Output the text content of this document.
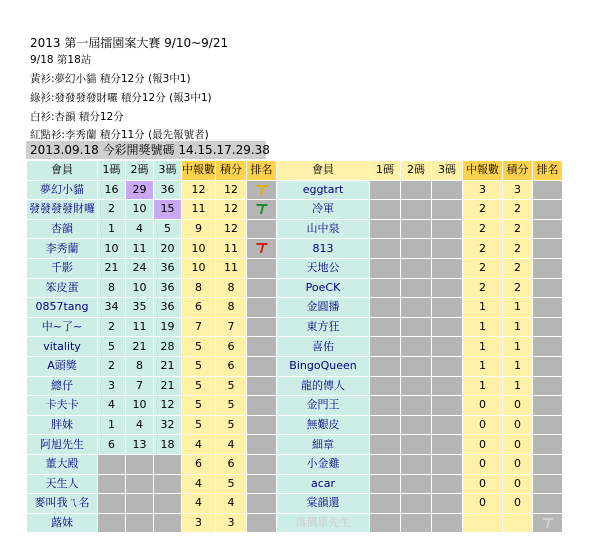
2013 第一屆擂園案大賽 9/10~9/21
9/18 第18站
黃衫:夢幻小貓 積分12分 (報3中1)
綠衫:發發發發財囉 積分12分 (報3中1)
白衫:杏韻 積分12分
紅點衫:李秀蘭 積分11分 (最先報號者)
2013.09.18 今彩開獎號碼 14.15.17.29.38
會員	1碼	2碼	3碼	中報數	積分	排名	會員	1碼	2碼	3碼	中報數	積分	排名
夢幻小貓	16	29	36	12	12		eggtart				3	3	
發發發發財囉	2	10	15	11	12		冷軍				2	2	
杏韻	1	4	5	9	12		山中泉				2	2	
李秀蘭	10	11	20	10	11		813				2	2	
千影	21	24	36	10	11		天地公				2	2	
笨皮蛋	8	10	36	8	8		PoeCK				2	2	
0857tang	34	35	36	6	8		金圓播				1	1	
中~了~	2	11	19	7	7		東方狂				1	1	
vitality	5	21	28	5	6		喜佑				1	1	
A頭獎	2	8	21	5	6		BingoQueen				1	1	
總仔	3	7	21	5	5		龍的傳人				1	1	
卡夫卡	4	10	12	5	5		金門王				0	0	
胖妹	1	4	32	5	5		無艱皮				0	0	
阿旭先生	6	13	18	4	4		細章				0	0	
董大殿				6	6		小金雞				0	0	
天生人				4	5		acar				0	0	
麥叫我ㄟ名				4	4		棠韻還				0	0	
蕗妹				3	3		落價單先生						
